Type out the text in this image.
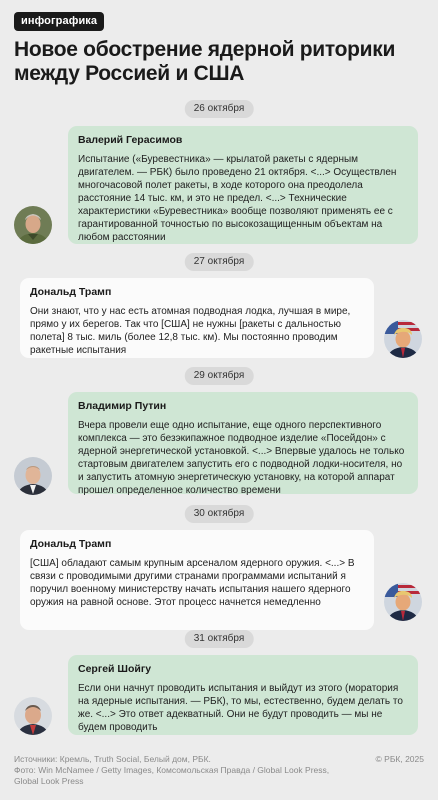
инфографика
Новое обострение ядерной риторики между Россией и США
26 октября
Валерий Герасимов
Испытание («Буревестника» — крылатой ракеты с ядерным двигателем. — РБК) было проведено 21 октября. <...> Осуществлен многочасовой полет ракеты, в ходе которого она преодолела расстояние 14 тыс. км, и это не предел. <...> Технические характеристики «Буревестника» вообще позволяют применять ее с гарантированной точностью по высокозащищенным объектам на любом расстоянии
27 октября
Дональд Трамп
Они знают, что у нас есть атомная подводная лодка, лучшая в мире, прямо у их берегов. Так что [США] не нужны [ракеты с дальностью полета] 8 тыс. миль (более 12,8 тыс. км). Мы постоянно проводим ракетные испытания
29 октября
Владимир Путин
Вчера провели еще одно испытание, еще одного перспективного комплекса — это безэкипажное подводное изделие «Посейдон» с ядерной энергетической установкой. <...> Впервые удалось не только стартовым двигателем запустить его с подводной лодки-носителя, но и запустить атомную энергетическую установку, на которой аппарат прошел определенное количество времени
30 октября
Дональд Трамп
[США] обладают самым крупным арсеналом ядерного оружия. <...> В связи с проводимыми другими странами программами испытаний я поручил военному министерству начать испытания нашего ядерного оружия на равной основе. Этот процесс начнется немедленно
31 октября
Сергей Шойгу
Если они начнут проводить испытания и выйдут из этого (моратория на ядерные испытания. — РБК), то мы, естественно, будем делать то же. <...> Это ответ адекватный. Они не будут проводить — мы не будем проводить
Источники: Кремль, Truth Social, Белый дом, РБК.
Фото: Win McNamee / Getty Images, Комсомольская Правда / Global Look Press, Global Look Press
© РБК, 2025
